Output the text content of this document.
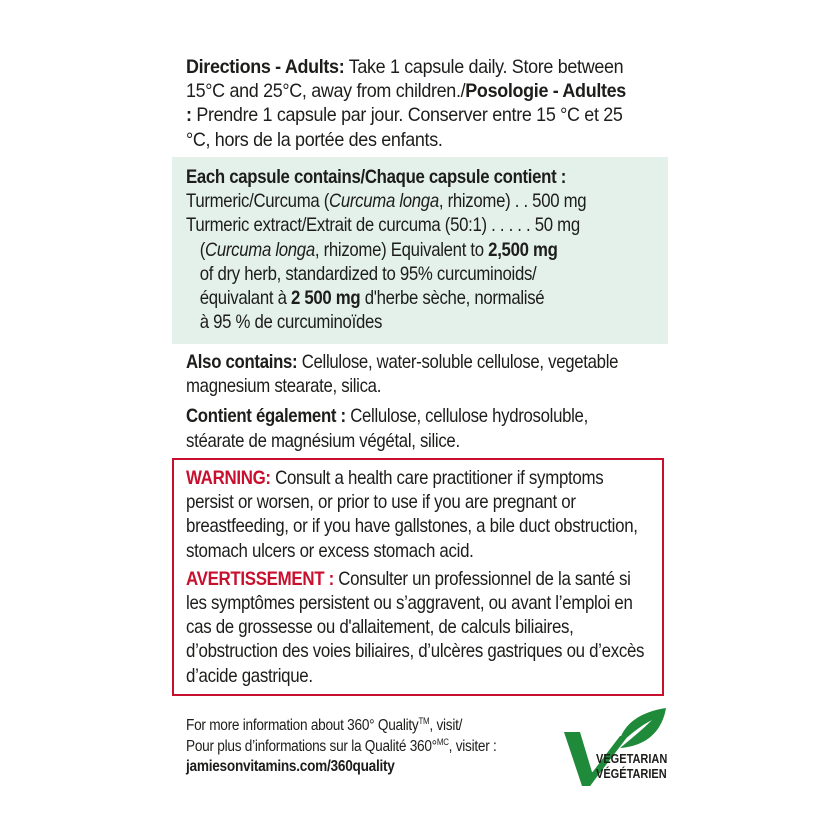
Directions - Adults: Take 1 capsule daily. Store between 15°C and 25°C, away from children./Posologie - Adultes : Prendre 1 capsule par jour. Conserver entre 15 °C et 25 °C, hors de la portée des enfants.

Each capsule contains/Chaque capsule contient :
Turmeric/Curcuma (Curcuma longa, rhizome) . . 500 mg
Turmeric extract/Extrait de curcuma (50:1) . . . . . 50 mg
(Curcuma longa, rhizome) Equivalent to 2,500 mg
of dry herb, standardized to 95% curcuminoids/
équivalant à 2 500 mg d'herbe sèche, normalisé
à 95 % de curcuminoïdes

Also contains: Cellulose, water-soluble cellulose, vegetable magnesium stearate, silica.

Contient également : Cellulose, cellulose hydrosoluble, stéarate de magnésium végétal, silice.

WARNING: Consult a health care practitioner if symptoms persist or worsen, or prior to use if you are pregnant or breastfeeding, or if you have gallstones, a bile duct obstruction, stomach ulcers or excess stomach acid.

AVERTISSEMENT : Consulter un professionnel de la santé si les symptômes persistent ou s’aggravent, ou avant l’emploi en cas de grossesse ou d'allaitement, de calculs biliaires, d’obstruction des voies biliaires, d’ulcères gastriques ou d’excès d’acide gastrique.

For more information about 360° Quality™, visit/
Pour plus d’informations sur la Qualité 360°$^{MC}$, visiter :
jamiesonvitamins.com/360quality	VEGETARIAN
VÉGÉTARIEN
